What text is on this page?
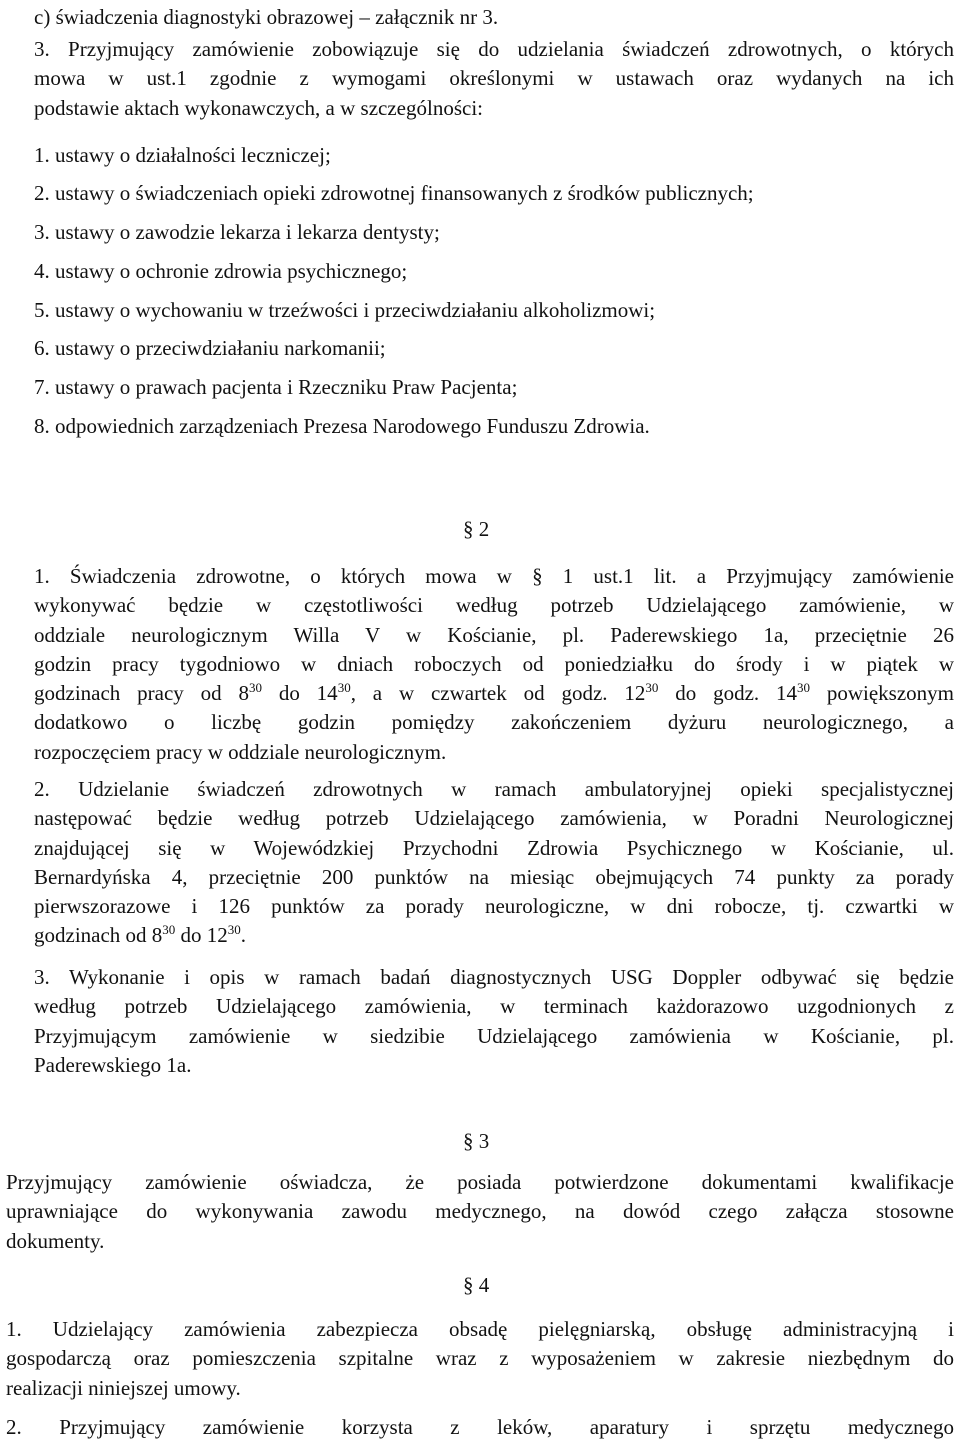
c) świadczenia diagnostyki obrazowej – załącznik nr 3.
3. Przyjmujący zamówienie zobowiązuje się do udzielania świadczeń zdrowotnych, o których
mowa w ust.1 zgodnie z wymogami określonymi w ustawach oraz wydanych na ich
podstawie aktach wykonawczych, a w szczególności:
1. ustawy o działalności leczniczej;
2. ustawy o świadczeniach opieki zdrowotnej finansowanych z środków publicznych;
3. ustawy o zawodzie lekarza i lekarza dentysty;
4. ustawy o ochronie zdrowia psychicznego;
5. ustawy o wychowaniu w trzeźwości i przeciwdziałaniu alkoholizmowi;
6. ustawy o przeciwdziałaniu narkomanii;
7. ustawy o prawach pacjenta i Rzeczniku Praw Pacjenta;
8. odpowiednich zarządzeniach Prezesa Narodowego Funduszu Zdrowia.
§ 2
1. Świadczenia zdrowotne, o których mowa w § 1 ust.1 lit. a Przyjmujący zamówienie
wykonywać będzie w częstotliwości według potrzeb Udzielającego zamówienie, w
oddziale neurologicznym Willa V w Kościanie, pl. Paderewskiego 1a, przeciętnie 26
godzin pracy tygodniowo w dniach roboczych od poniedziałku do środy i w piątek w
godzinach pracy od $8^{30}$ do $14^{30}$, a w czwartek od godz. $12^{30}$ do godz. $14^{30}$ powiększonym
dodatkowo o liczbę godzin pomiędzy zakończeniem dyżuru neurologicznego, a
rozpoczęciem pracy w oddziale neurologicznym.
2. Udzielanie świadczeń zdrowotnych w ramach ambulatoryjnej opieki specjalistycznej
następować będzie według potrzeb Udzielającego zamówienia, w Poradni Neurologicznej
znajdującej się w Wojewódzkiej Przychodni Zdrowia Psychicznego w Kościanie, ul.
Bernardyńska 4, przeciętnie 200 punktów na miesiąc obejmujących 74 punkty za porady
pierwszorazowe i 126 punktów za porady neurologiczne, w dni robocze, tj. czwartki w
godzinach od $8^{30}$ do $12^{30}$.
3. Wykonanie i opis w ramach badań diagnostycznych USG Doppler odbywać się będzie
według potrzeb Udzielającego zamówienia, w terminach każdorazowo uzgodnionych z
Przyjmującym zamówienie w siedzibie Udzielającego zamówienia w Kościanie, pl.
Paderewskiego 1a.
§ 3
Przyjmujący zamówienie oświadcza, że posiada potwierdzone dokumentami kwalifikacje
uprawniające do wykonywania zawodu medycznego, na dowód czego załącza stosowne
dokumenty.
§ 4
1. Udzielający zamówienia zabezpiecza obsadę pielęgniarską, obsługę administracyjną i
gospodarczą oraz pomieszczenia szpitalne wraz z wyposażeniem w zakresie niezbędnym do
realizacji niniejszej umowy.
2. Przyjmujący zamówienie korzysta z leków, aparatury i sprzętu medycznego
